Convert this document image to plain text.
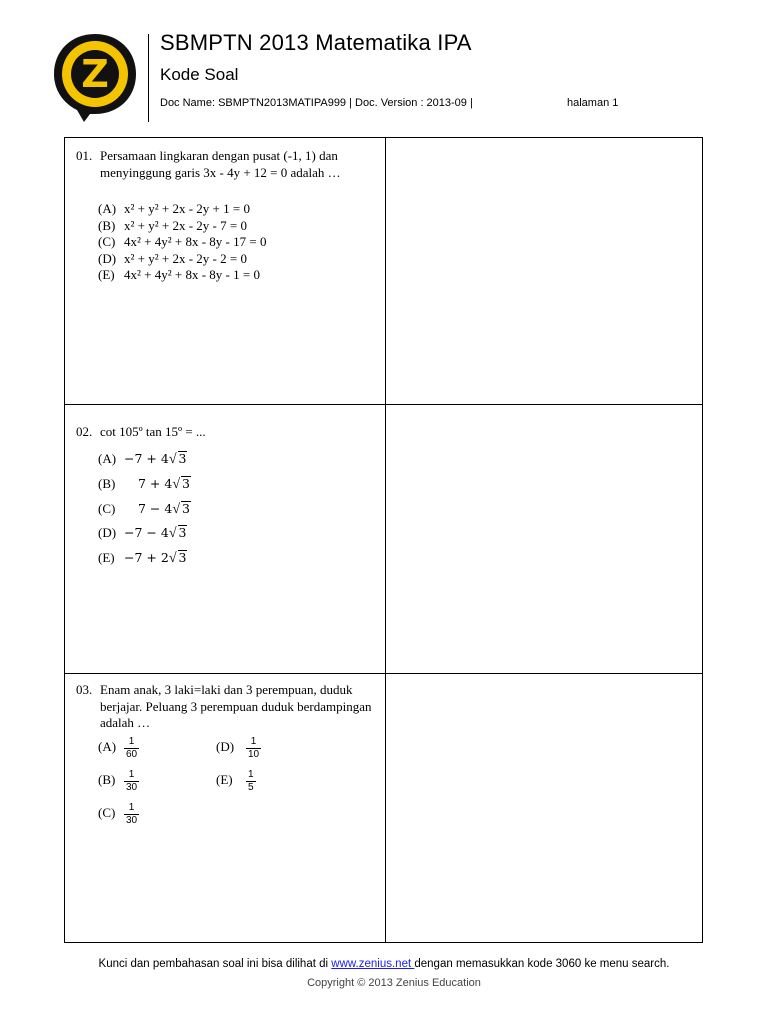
Z
SBMPTN 2013 Matematika IPA
Kode Soal
Doc Name: SBMPTN2013MATIPA999 | Doc. Version : 2013-09 |	halaman 1
01. Persamaan lingkaran dengan pusat (-1, 1) dan menyinggung garis 3x - 4y + 12 = 0 adalah …
(A) x² + y² + 2x - 2y + 1 = 0
(B) x² + y² + 2x - 2y - 7 = 0
(C) 4x² + 4y² + 8x - 8y - 17 = 0
(D) x² + y² + 2x - 2y - 2 = 0
(E) 4x² + 4y² + 8x - 8y - 1 = 0
02. cot 105º tan 15º = ...
(A) −7 + 4√ 3
(B) 7 + 4√ 3
(C) 7 − 4√ 3
(D) −7 − 4√ 3
(E) −7 + 2√ 3
03. Enam anak, 3 laki=laki dan 3 perempuan, duduk berjajar. Peluang 3 perempuan duduk berdampingan adalah …
$(A) \frac{1}{60}$
$(B) \frac{1}{30}$
$(C) \frac{1}{30}$
$(D) \frac{1}{10}$
$(E) \frac{1}{5}$
Kunci dan pembahasan soal ini bisa dilihat di www.zenius.net dengan memasukkan kode 3060 ke menu search.
Copyright © 2013 Zenius Education
